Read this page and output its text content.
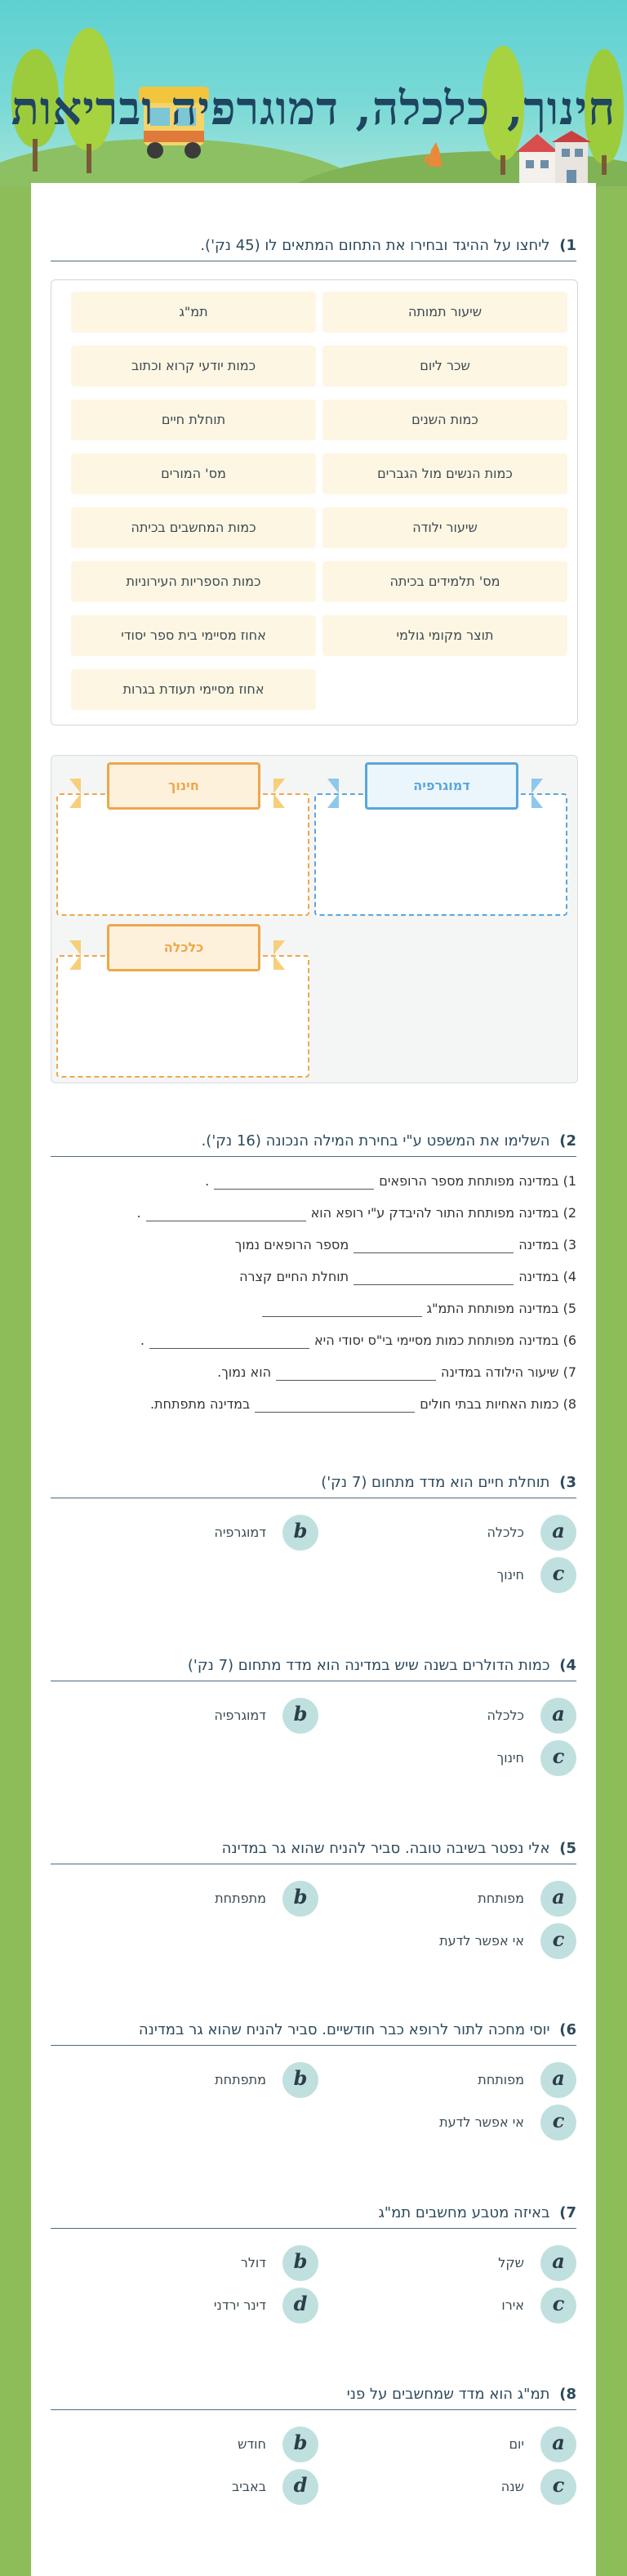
חינוך, כלכלה, דמוגרפיה ובריאות
1) ליחצו על ההיגד ובחירו את התחום המתאים לו (45 נק').
שיעור תמותה
תמ"ג
שכר ליום
כמות יודעי קרוא וכתוב
כמות השנים
תוחלת חיים
כמות הנשים מול הגברים
מס' המורים
שיעור ילודה
כמות המחשבים בכיתה
מס' תלמידים בכיתה
כמות הספריות העירוניות
תוצר מקומי גולמי
אחוז מסיימי בית ספר יסודי
אחוז מסיימי תעודת בגרות
דמוגרפיה
חינוך
כלכלה
2) השלימו את המשפט ע"י בחירת המילה הנכונה (16 נק').
1) במדינה מפותחת מספר הרופאים.
2) במדינה מפותחת התור להיבדק ע"י רופא הוא.
3) במדינהמספר הרופאים נמוך
4) במדינהתוחלת החיים קצרה
5) במדינה מפותחת התמ"ג
6) במדינה מפותחת כמות מסיימי בי"ס יסודי היא.
7) שיעור הילודה במדינההוא נמוך.
8) כמות האחיות בבתי חוליםבמדינה מתפתחת.
3) תוחלת חיים הוא מדד מתחום (7 נק')
a
כלכלה
b
דמוגרפיה
c
חינוך
4) כמות הדולרים בשנה שיש במדינה הוא מדד מתחום (7 נק')
a
כלכלה
b
דמוגרפיה
c
חינוך
5) אלי נפטר בשיבה טובה. סביר להניח שהוא גר במדינה
a
מפותחת
b
מתפתחת
c
אי אפשר לדעת
6) יוסי מחכה לתור לרופא כבר חודשיים. סביר להניח שהוא גר במדינה
a
מפותחת
b
מתפתחת
c
אי אפשר לדעת
7) באיזה מטבע מחשבים תמ"ג
a
שקל
b
דולר
c
אירו
d
דינר ירדני
8) תמ"ג הוא מדד שמחשבים על פני
a
יום
b
חודש
c
שנה
d
באביב
